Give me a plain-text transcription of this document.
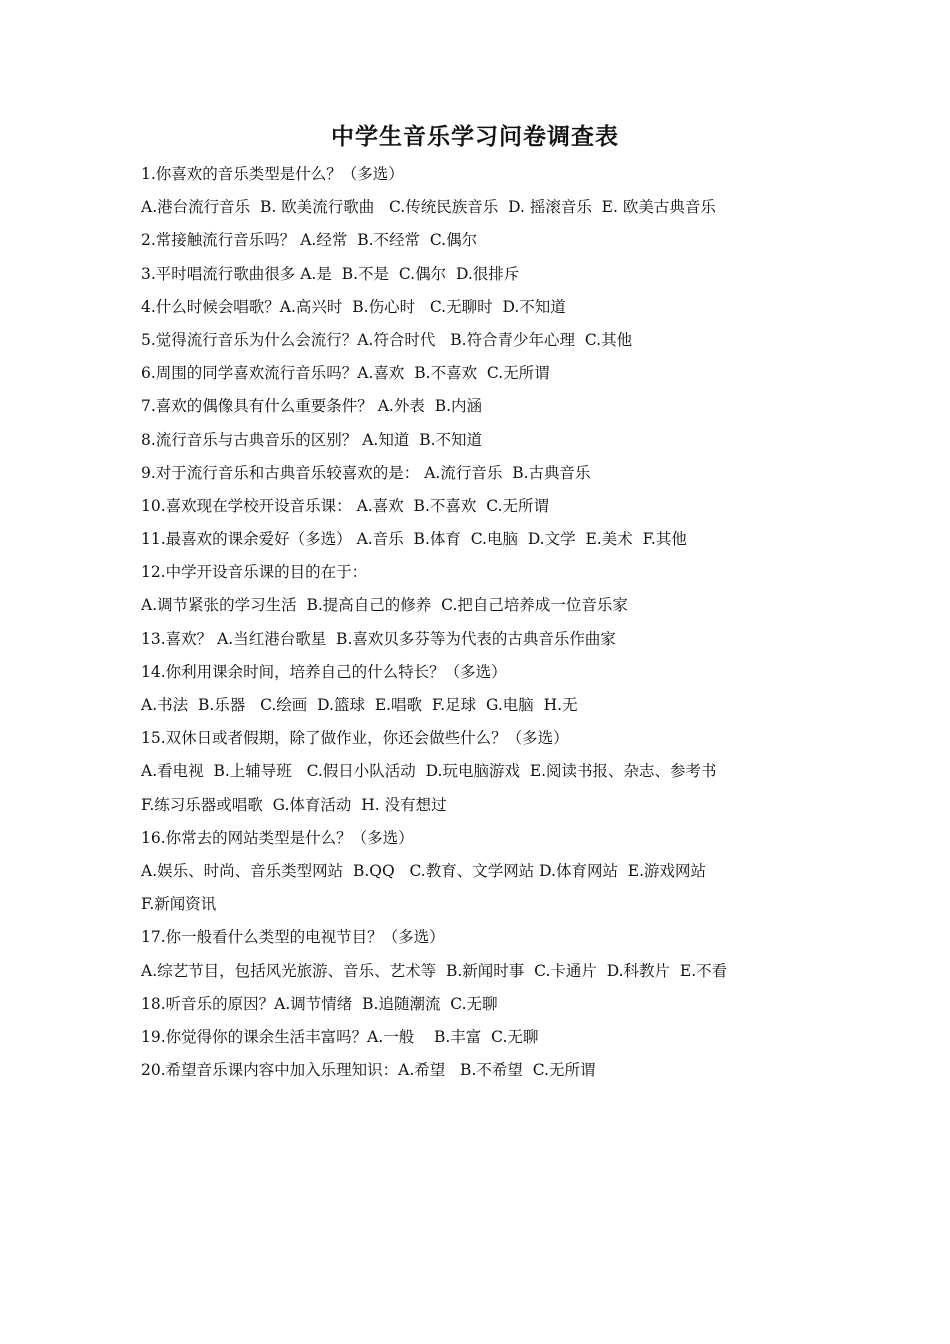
中学生音乐学习问卷调查表
1.你喜欢的音乐类型是什么？（多选）
A.港台流行音乐  B. 欧美流行歌曲   C.传统民族音乐  D. 摇滚音乐  E. 欧美古典音乐
2.常接触流行音乐吗？ A.经常  B.不经常  C.偶尔
3.平时唱流行歌曲很多 A.是  B.不是  C.偶尔  D.很排斥
4.什么时候会唱歌？A.高兴时  B.伤心时   C.无聊时  D.不知道
5.觉得流行音乐为什么会流行？A.符合时代   B.符合青少年心理  C.其他
6.周围的同学喜欢流行音乐吗？A.喜欢  B.不喜欢  C.无所谓
7.喜欢的偶像具有什么重要条件？ A.外表  B.内涵
8.流行音乐与古典音乐的区别？ A.知道  B.不知道
9.对于流行音乐和古典音乐较喜欢的是： A.流行音乐  B.古典音乐
10.喜欢现在学校开设音乐课： A.喜欢  B.不喜欢  C.无所谓
11.最喜欢的课余爱好（多选） A.音乐  B.体育  C.电脑  D.文学  E.美术  F.其他
12.中学开设音乐课的目的在于：
A.调节紧张的学习生活  B.提高自己的修养  C.把自己培养成一位音乐家
13.喜欢？ A.当红港台歌星  B.喜欢贝多芬等为代表的古典音乐作曲家
14.你利用课余时间，培养自己的什么特长？（多选）
A.书法  B.乐器   C.绘画  D.篮球  E.唱歌  F.足球  G.电脑  H.无
15.双休日或者假期，除了做作业，你还会做些什么？（多选）
A.看电视  B.上辅导班   C.假日小队活动  D.玩电脑游戏  E.阅读书报、杂志、参考书
F.练习乐器或唱歌  G.体育活动  H. 没有想过
16.你常去的网站类型是什么？（多选）
A.娱乐、时尚、音乐类型网站  B.QQ   C.教育、文学网站 D.体育网站  E.游戏网站
F.新闻资讯
17.你一般看什么类型的电视节目？（多选）
A.综艺节目，包括风光旅游、音乐、艺术等  B.新闻时事  C.卡通片  D.科教片  E.不看
18.听音乐的原因？A.调节情绪  B.追随潮流  C.无聊
19.你觉得你的课余生活丰富吗？A.一般    B.丰富  C.无聊
20.希望音乐课内容中加入乐理知识：A.希望   B.不希望  C.无所谓
